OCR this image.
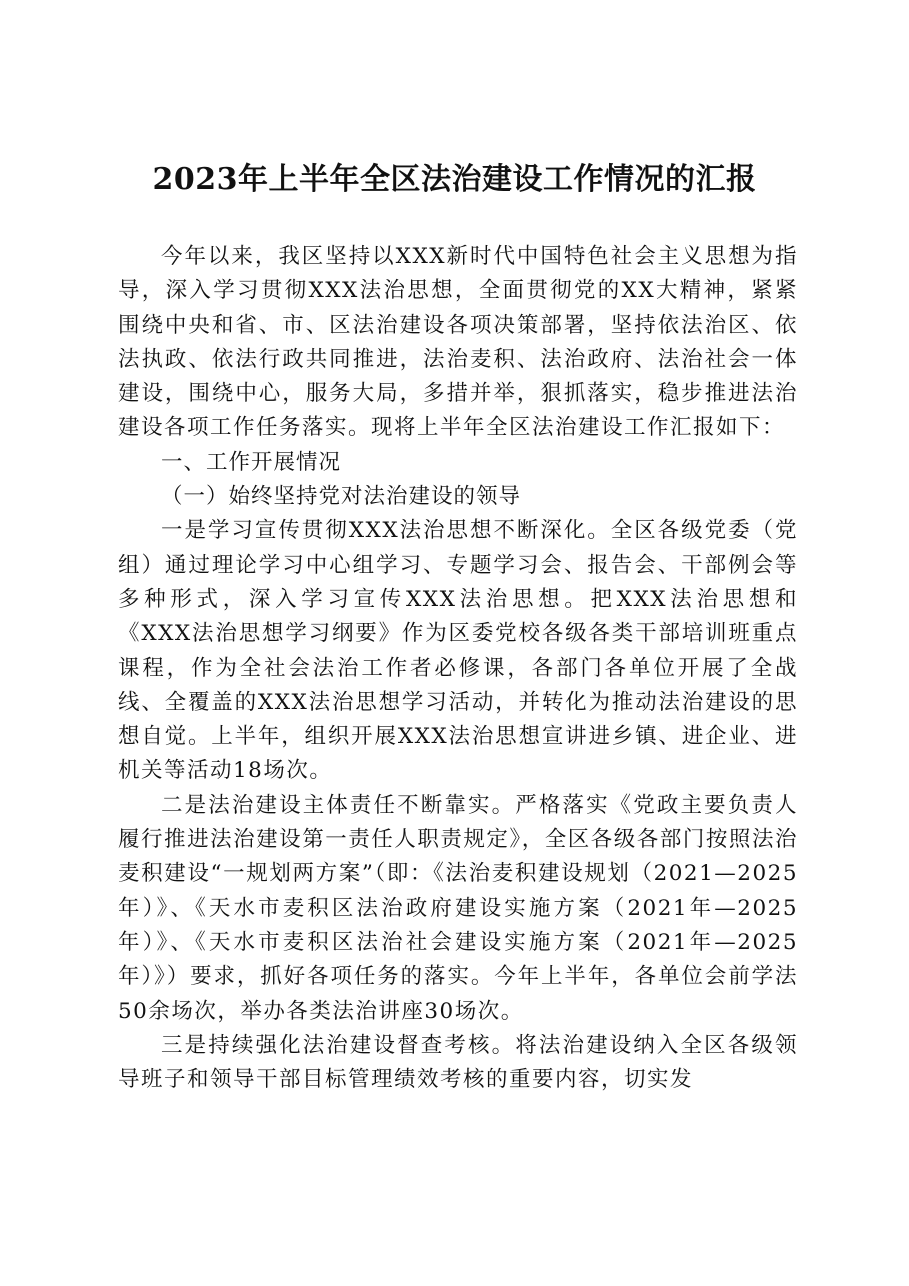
2023年上半年全区法治建设工作情况的汇报

今年以来，我区坚持以XXX新时代中国特色社会主义思想为指导，深入学习贯彻XXX法治思想，全面贯彻党的XX大精神，紧紧围绕中央和省、市、区法治建设各项决策部署，坚持依法治区、依法执政、依法行政共同推进，法治麦积、法治政府、法治社会一体建设，围绕中心，服务大局，多措并举，狠抓落实，稳步推进法治建设各项工作任务落实。现将上半年全区法治建设工作汇报如下：

一、工作开展情况

（一）始终坚持党对法治建设的领导

一是学习宣传贯彻XXX法治思想不断深化。全区各级党委（党组）通过理论学习中心组学习、专题学习会、报告会、干部例会等多种形式，深入学习宣传XXX法治思想。把XXX法治思想和《XXX法治思想学习纲要》作为区委党校各级各类干部培训班重点课程，作为全社会法治工作者必修课，各部门各单位开展了全战线、全覆盖的XXX法治思想学习活动，并转化为推动法治建设的思想自觉。上半年，组织开展XXX法治思想宣讲进乡镇、进企业、进机关等活动18场次。

二是法治建设主体责任不断靠实。严格落实《党政主要负责人履行推进法治建设第一责任人职责规定》，全区各级各部门按照法治麦积建设“一规划两方案”（即：《法治麦积建设规划（2021—2025年）》、《天水市麦积区法治政府建设实施方案（2021年—2025年）》、《天水市麦积区法治社会建设实施方案（2021年—2025年）》）要求，抓好各项任务的落实。今年上半年，各单位会前学法50余场次，举办各类法治讲座30场次。

三是持续强化法治建设督查考核。将法治建设纳入全区各级领导班子和领导干部目标管理绩效考核的重要内容，切实发
